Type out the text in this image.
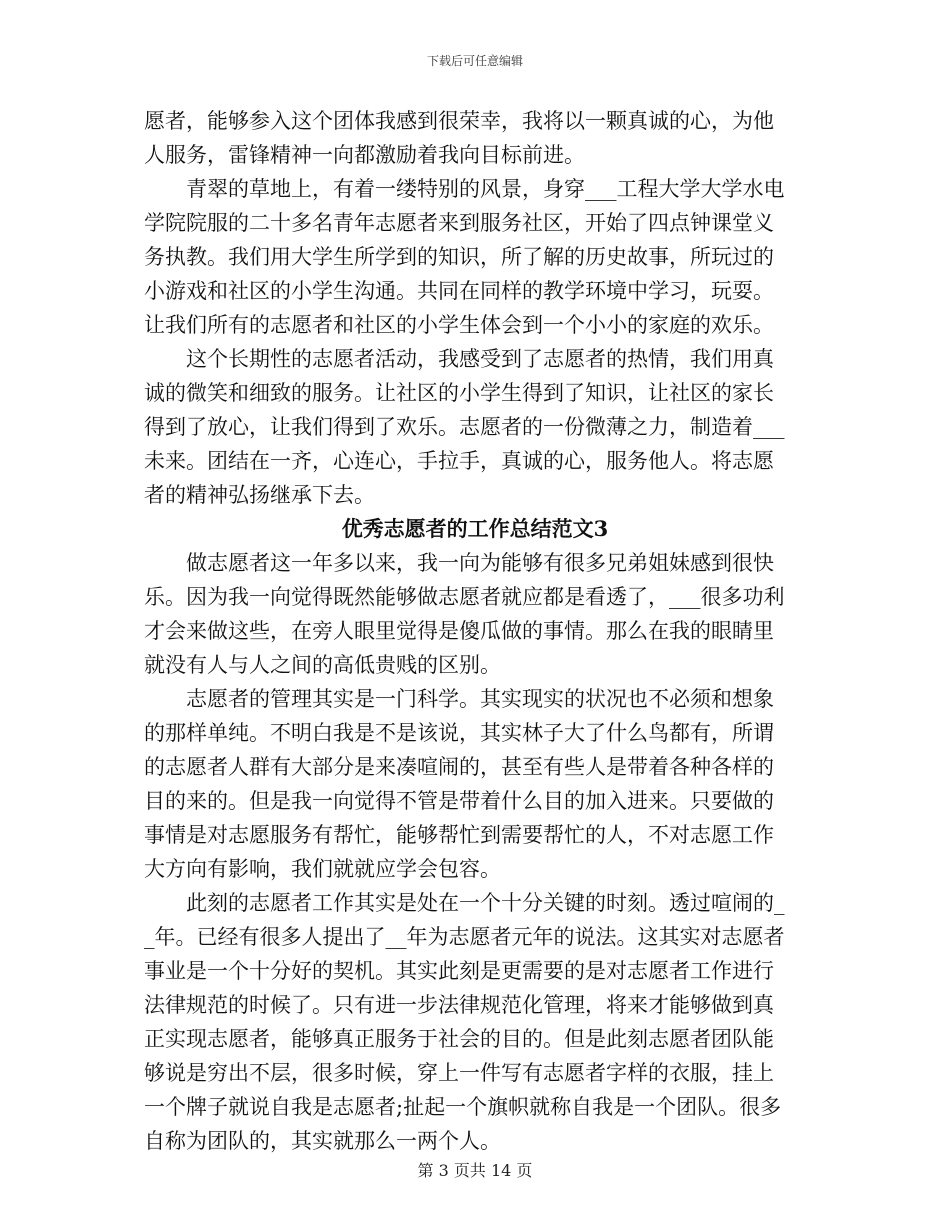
下载后可任意编辑
愿者，能够参入这个团体我感到很荣幸，我将以一颗真诚的心，为他
人服务，雷锋精神一向都激励着我向目标前进。
青翠的草地上，有着一缕特别的风景，身穿___工程大学大学水电
学院院服的二十多名青年志愿者来到服务社区，开始了四点钟课堂义
务执教。我们用大学生所学到的知识，所了解的历史故事，所玩过的
小游戏和社区的小学生沟通。共同在同样的教学环境中学习，玩耍。
让我们所有的志愿者和社区的小学生体会到一个小小的家庭的欢乐。
这个长期性的志愿者活动，我感受到了志愿者的热情，我们用真
诚的微笑和细致的服务。让社区的小学生得到了知识，让社区的家长
得到了放心，让我们得到了欢乐。志愿者的一份微薄之力，制造着___
未来。团结在一齐，心连心，手拉手，真诚的心，服务他人。将志愿
者的精神弘扬继承下去。
优秀志愿者的工作总结范文3
做志愿者这一年多以来，我一向为能够有很多兄弟姐妹感到很快
乐。因为我一向觉得既然能够做志愿者就应都是看透了，___很多功利
才会来做这些，在旁人眼里觉得是傻瓜做的事情。那么在我的眼睛里
就没有人与人之间的高低贵贱的区别。
志愿者的管理其实是一门科学。其实现实的状况也不必须和想象
的那样单纯。不明白我是不是该说，其实林子大了什么鸟都有，所谓
的志愿者人群有大部分是来凑喧闹的，甚至有些人是带着各种各样的
目的来的。但是我一向觉得不管是带着什么目的加入进来。只要做的
事情是对志愿服务有帮忙，能够帮忙到需要帮忙的人，不对志愿工作
大方向有影响，我们就就应学会包容。
此刻的志愿者工作其实是处在一个十分关键的时刻。透过喧闹的_
_年。已经有很多人提出了__年为志愿者元年的说法。这其实对志愿者
事业是一个十分好的契机。其实此刻是更需要的是对志愿者工作进行
法律规范的时候了。只有进一步法律规范化管理，将来才能够做到真
正实现志愿者，能够真正服务于社会的目的。但是此刻志愿者团队能
够说是穷出不层，很多时候，穿上一件写有志愿者字样的衣服，挂上
一个牌子就说自我是志愿者;扯起一个旗帜就称自我是一个团队。很多
自称为团队的，其实就那么一两个人。
第 3 页共 14 页
